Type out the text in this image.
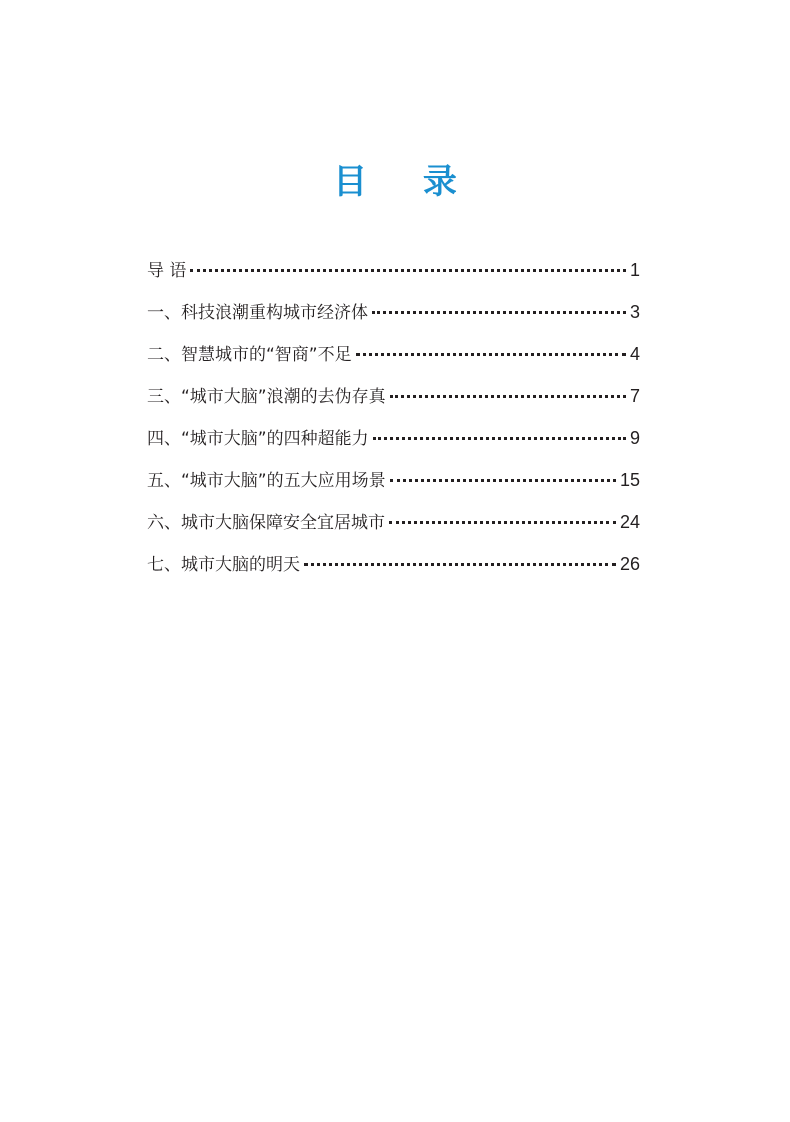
目 录
导 语	1
一、科技浪潮重构城市经济体	3
二、智慧城市的“智商”不足	4
三、“城市大脑”浪潮的去伪存真	7
四、“城市大脑”的四种超能力	9
五、“城市大脑”的五大应用场景	15
六、城市大脑保障安全宜居城市	24
七、城市大脑的明天	26
